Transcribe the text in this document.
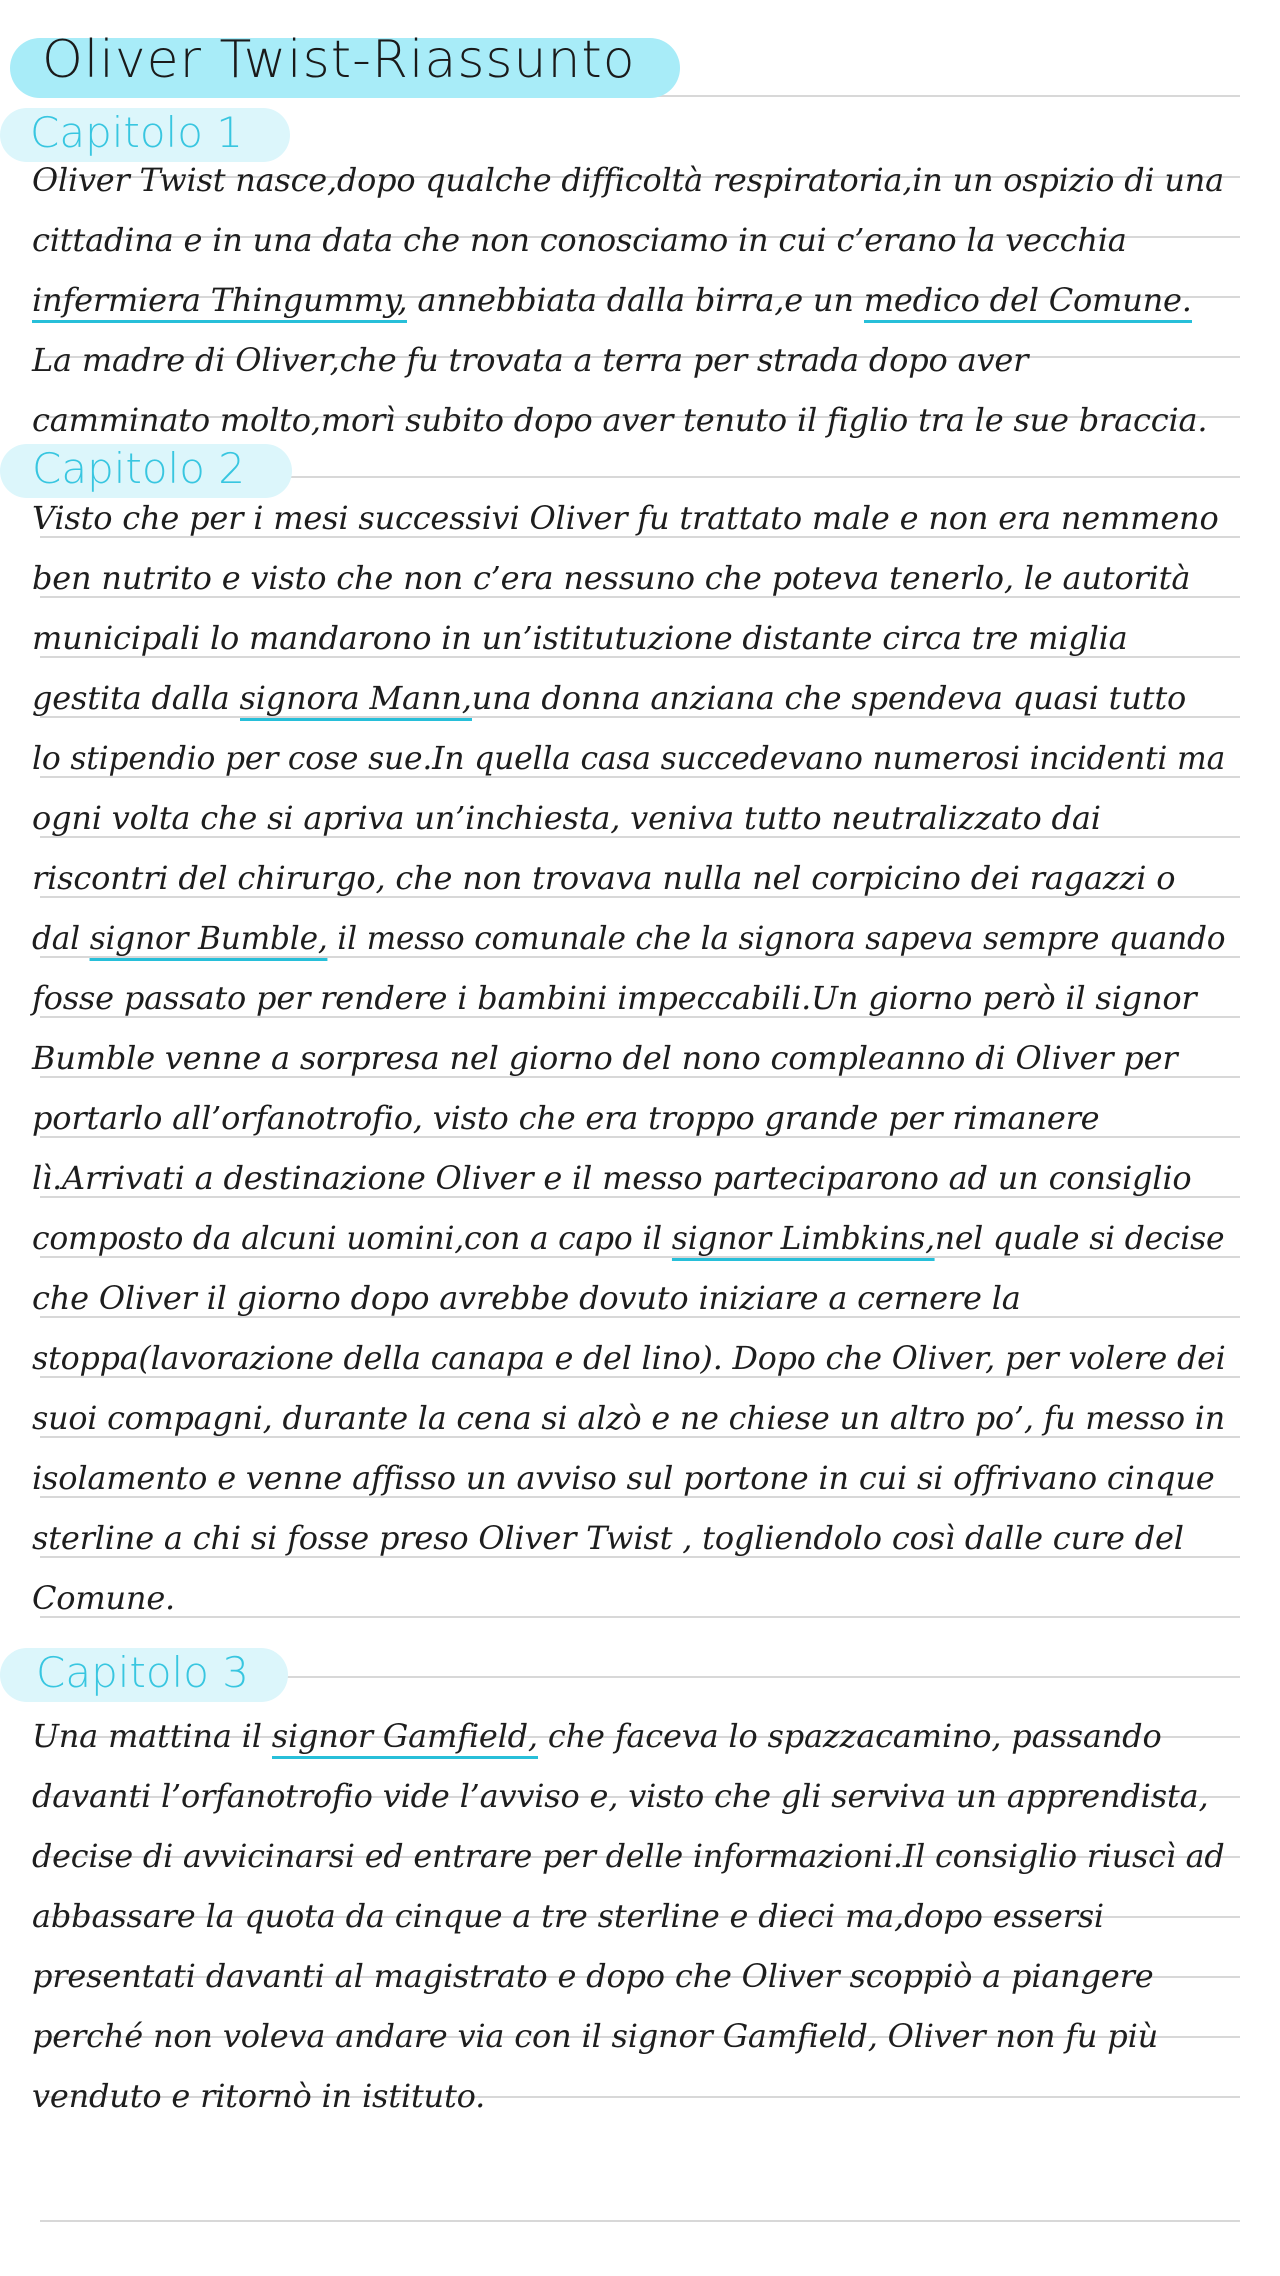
Oliver Twist-Riassunto
Capitolo 1
Oliver Twist nasce,dopo qualche difficoltà respiratoria,in un ospizio di una
cittadina e in una data che non conosciamo in cui c’erano la vecchia
infermiera Thingummy, annebbiata dalla birra,e un medico del Comune.
La madre di Oliver,che fu trovata a terra per strada dopo aver
camminato molto,morì subito dopo aver tenuto il figlio tra le sue braccia.
Capitolo 2
Visto che per i mesi successivi Oliver fu trattato male e non era nemmeno
ben nutrito e visto che non c’era nessuno che poteva tenerlo, le autorità
municipali lo mandarono in un’istitutuzione distante circa tre miglia
gestita dalla signora Mann,una donna anziana che spendeva quasi tutto
lo stipendio per cose sue.In quella casa succedevano numerosi incidenti ma
ogni volta che si apriva un’inchiesta, veniva tutto neutralizzato dai
riscontri del chirurgo, che non trovava nulla nel corpicino dei ragazzi o
dal signor Bumble, il messo comunale che la signora sapeva sempre quando
fosse passato per rendere i bambini impeccabili.Un giorno però il signor
Bumble venne a sorpresa nel giorno del nono compleanno di Oliver per
portarlo all’orfanotrofio, visto che era troppo grande per rimanere
lì.Arrivati a destinazione Oliver e il messo parteciparono ad un consiglio
composto da alcuni uomini,con a capo il signor Limbkins,nel quale si decise
che Oliver il giorno dopo avrebbe dovuto iniziare a cernere la
stoppa(lavorazione della canapa e del lino). Dopo che Oliver, per volere dei
suoi compagni, durante la cena si alzò e ne chiese un altro po’, fu messo in
isolamento e venne affisso un avviso sul portone in cui si offrivano cinque
sterline a chi si fosse preso Oliver Twist , togliendolo così dalle cure del
Comune.
Capitolo 3
Una mattina il signor Gamfield, che faceva lo spazzacamino, passando
davanti l’orfanotrofio vide l’avviso e, visto che gli serviva un apprendista,
decise di avvicinarsi ed entrare per delle informazioni.Il consiglio riuscì ad
abbassare la quota da cinque a tre sterline e dieci ma,dopo essersi
presentati davanti al magistrato e dopo che Oliver scoppiò a piangere
perché non voleva andare via con il signor Gamfield, Oliver non fu più
venduto e ritornò in istituto.
